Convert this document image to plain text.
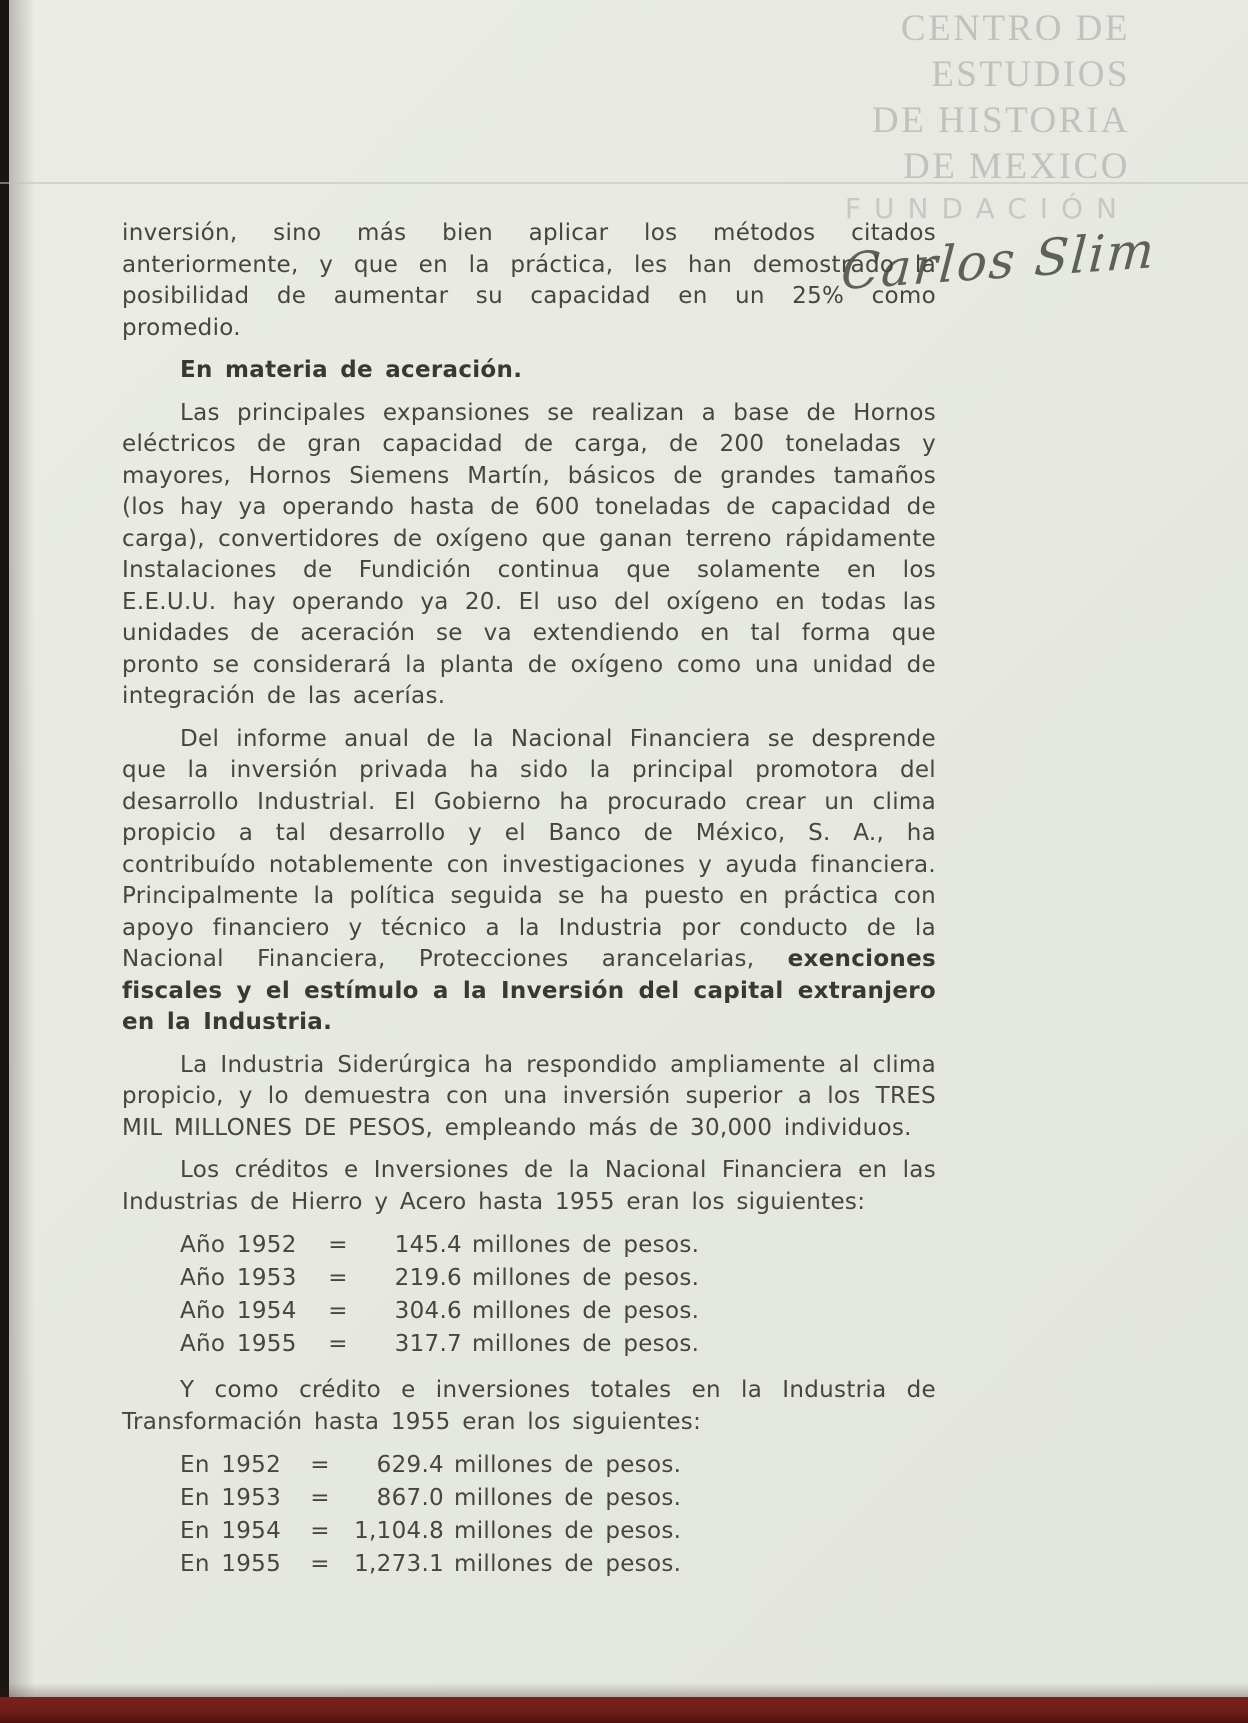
CENTRO DE
ESTUDIOS
DE HISTORIA
DE MEXICO
FUNDACIÓN
Carlos Slim

inversión, sino más bien aplicar los métodos citados anteriormente, y que en la práctica, les han demostrado la posibilidad de aumentar su capacidad en un 25% como promedio.

En materia de aceración.

Las principales expansiones se realizan a base de Hornos eléctricos de gran capacidad de carga, de 200 toneladas y mayores, Hornos Siemens Martín, básicos de grandes tamaños (los hay ya operando hasta de 600 toneladas de capacidad de carga), convertidores de oxígeno que ganan terreno rápidamente Instalaciones de Fundición continua que solamente en los E.E.U.U. hay operando ya 20. El uso del oxígeno en todas las unidades de aceración se va extendiendo en tal forma que pronto se considerará la planta de oxígeno como una unidad de integración de las acerías.

Del informe anual de la Nacional Financiera se desprende que la inversión privada ha sido la principal promotora del desarrollo Industrial. El Gobierno ha procurado crear un clima propicio a tal desarrollo y el Banco de México, S. A., ha contribuído notablemente con investigaciones y ayuda financiera. Principalmente la política seguida se ha puesto en práctica con apoyo financiero y técnico a la Industria por conducto de la Nacional Financiera, Protecciones arancelarias, exenciones fiscales y el estímulo a la Inversión del capital extranjero en la Industria.

La Industria Siderúrgica ha respondido ampliamente al clima propicio, y lo demuestra con una inversión superior a los TRES MIL MILLONES DE PESOS, empleando más de 30,000 individuos.

Los créditos e Inversiones de la Nacional Financiera en las Industrias de Hierro y Acero hasta 1955 eran los siguientes:

Año 1952	=	145.4 millones de pesos.
Año 1953	=	219.6 millones de pesos.
Año 1954	=	304.6 millones de pesos.
Año 1955	=	317.7 millones de pesos.

Y como crédito e inversiones totales en la Industria de Transformación hasta 1955 eran los siguientes:

En 1952	=	629.4 millones de pesos.
En 1953	=	867.0 millones de pesos.
En 1954	=	1,104.8 millones de pesos.
En 1955	=	1,273.1 millones de pesos.
